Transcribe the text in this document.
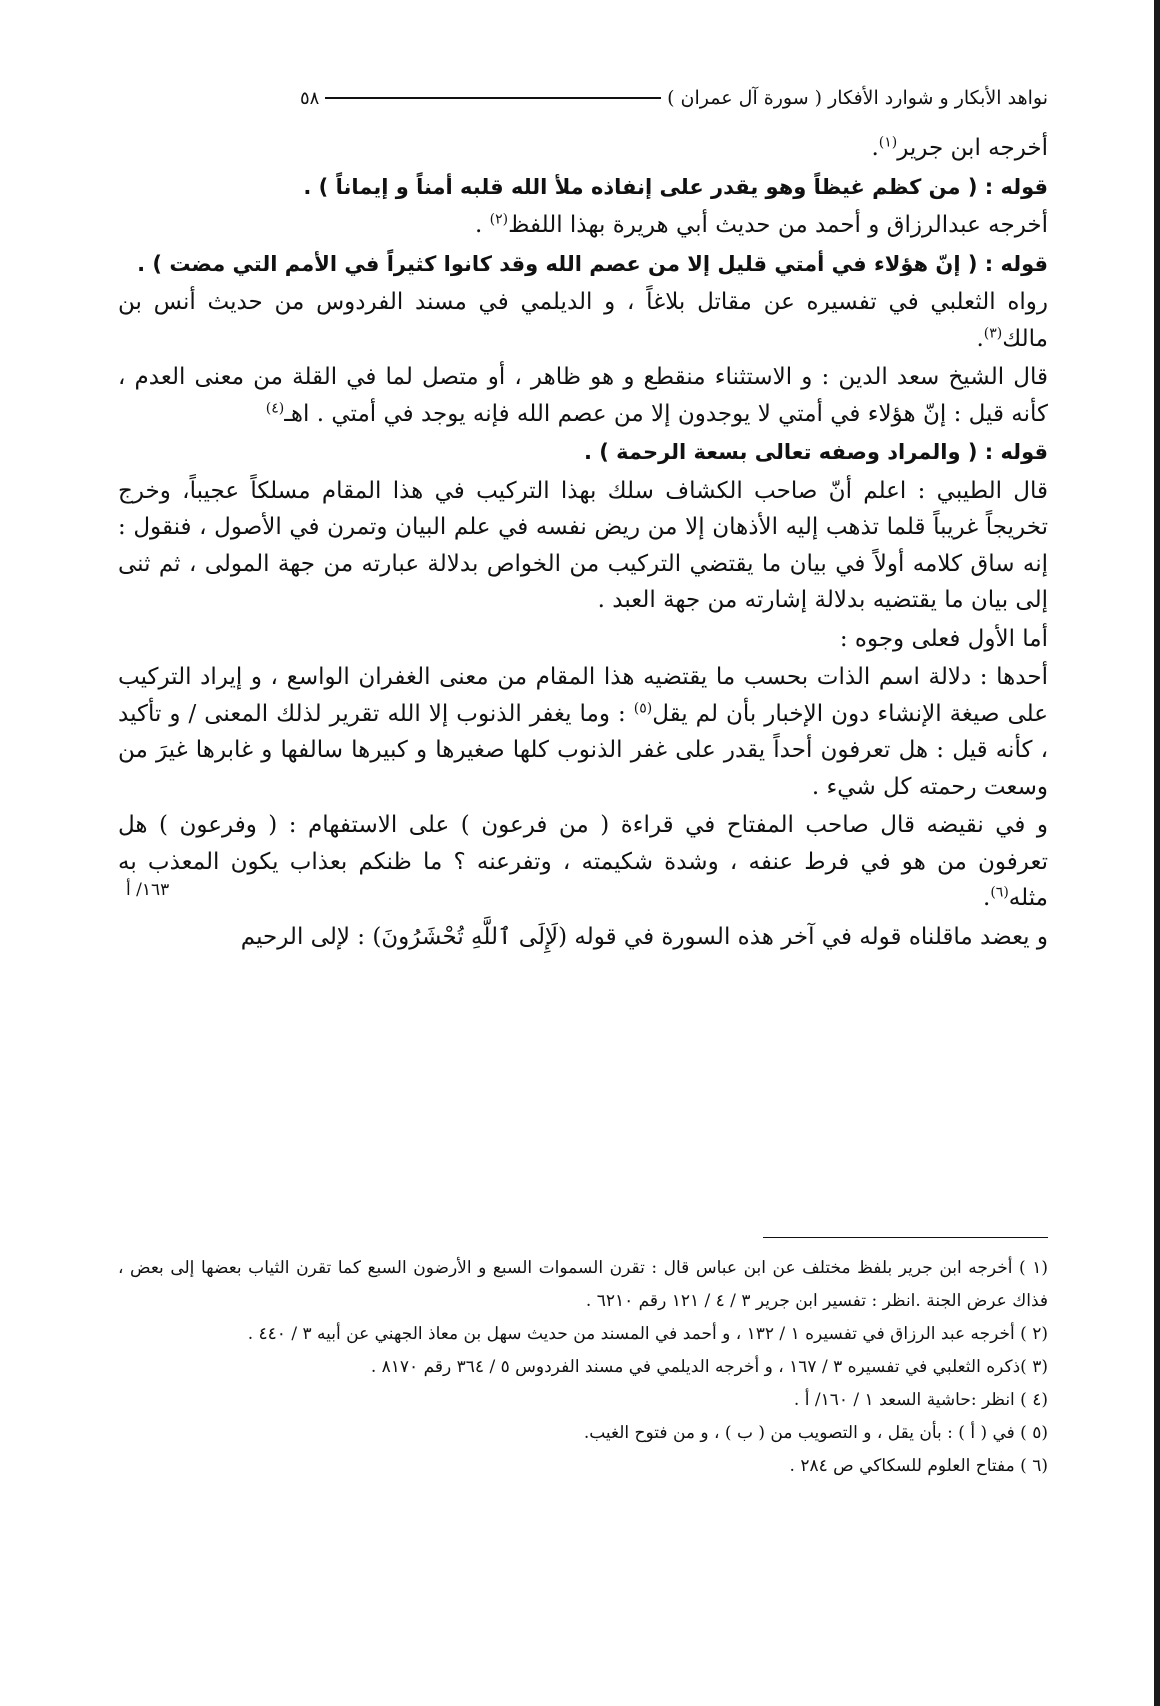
نواهد الأبكار و شوارد الأفكار ( سورة آل عمران )
٥٨
١٦٣/ أ
أخرجه ابن جرير$^{(١)}$.
قوله : ( من كظم غيظاً وهو يقدر على إنفاذه ملأ الله قلبه أمناً و إيماناً ) .
أخرجه عبدالرزاق و أحمد من حديث أبي هريرة بهذا اللفظ$^{(٢)}$ .
قوله : ( إنّ هؤلاء في أمتي قليل إلا من عصم الله وقد كانوا كثيراً في الأمم التي مضت ) .
رواه الثعلبي في تفسيره عن مقاتل بلاغاً ، و الديلمي في مسند الفردوس من حديث أنس بن مالك$^{(٣)}$.
قال الشيخ سعد الدين : و الاستثناء منقطع و هو ظاهر ، أو متصل لما في القلة من معنى العدم ، كأنه قيل : إنّ هؤلاء في أمتي لا يوجدون إلا من عصم الله فإنه يوجد في أمتي . اهـ$^{(٤)}$
قوله : ( والمراد وصفه تعالى بسعة الرحمة ) .
قال الطيبي : اعلم أنّ صاحب الكشاف سلك بهذا التركيب في هذا المقام مسلكاً عجيباً، وخرج تخريجاً غريباً قلما تذهب إليه الأذهان إلا من ريض نفسه في علم البيان وتمرن في الأصول ، فنقول : إنه ساق كلامه أولاً في بيان ما يقتضي التركيب من الخواص بدلالة عبارته من جهة المولى ، ثم ثنى إلى بيان ما يقتضيه بدلالة إشارته من جهة العبد .
أما الأول فعلى وجوه :
أحدها : دلالة اسم الذات بحسب ما يقتضيه هذا المقام من معنى الغفران الواسع ، و إيراد التركيب على صيغة الإنشاء دون الإخبار بأن لم يقل$^{(٥)}$ : وما يغفر الذنوب إلا الله تقرير لذلك المعنى / و تأكيد ، كأنه قيل : هل تعرفون أحداً يقدر على غفر الذنوب كلها صغيرها و كبيرها سالفها و غابرها غيرَ من وسعت رحمته كل شيء .
و في نقيضه قال صاحب المفتاح في قراءة ( من فرعون ) على الاستفهام : ( وفرعون ) هل تعرفون من هو في فرط عنفه ، وشدة شكيمته ، وتفرعنه ؟ ما ظنكم بعذاب يكون المعذب به مثله$^{(٦)}$.
و يعضد ماقلناه قوله في آخر هذه السورة في قوله (لَإِلَى ٱللَّهِ تُحْشَرُونَ) : لإلى الرحيم
(١ ) أخرجه ابن جرير بلفظ مختلف عن ابن عباس قال : تقرن السموات السبع و الأرضون السبع كما تقرن الثياب بعضها إلى بعض ، فذاك عرض الجنة .انظر : تفسير ابن جرير ٣ / ٤ / ١٢١ رقم ٦٢١٠ .
(٢ ) أخرجه عبد الرزاق في تفسيره ١ / ١٣٢ ، و أحمد في المسند من حديث سهل بن معاذ الجهني عن أبيه ٣ / ٤٤٠ .
(٣ )ذكره الثعلبي في تفسيره ٣ / ١٦٧ ، و أخرجه الديلمي في مسند الفردوس ٥ / ٣٦٤ رقم ٨١٧٠ .
(٤ ) انظر :حاشية السعد ١ / ١٦٠/ أ .
(٥ ) في ( أ ) : بأن يقل ، و التصويب من ( ب ) ، و من فتوح الغيب.
(٦ ) مفتاح العلوم للسكاكي ص ٢٨٤ .
